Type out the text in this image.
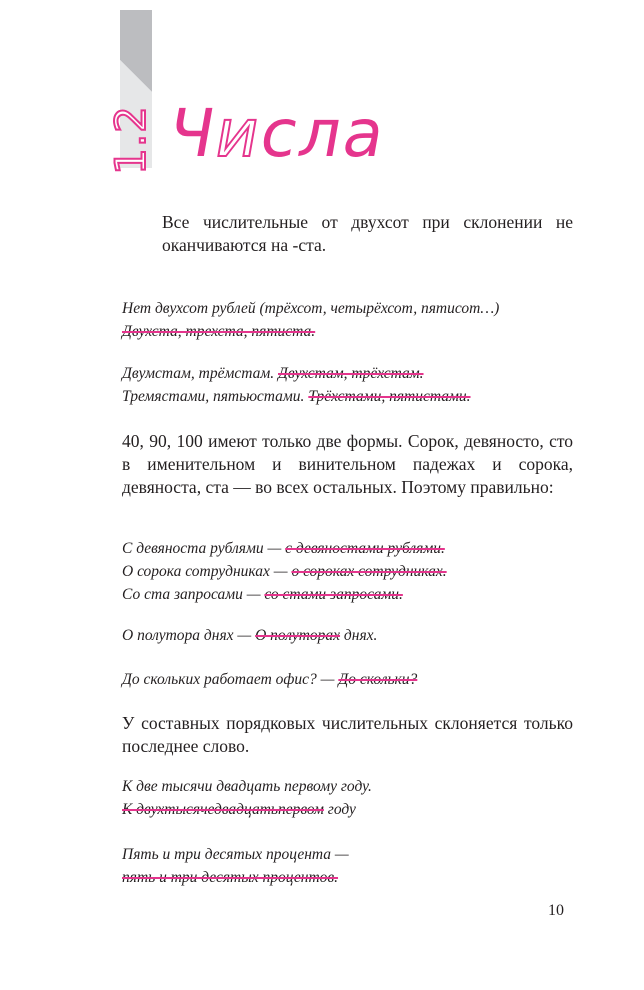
1.2 Числа

Все числительные от двухсот при склонении не оканчиваются на -ста.

Нет двухсот рублей (трёхсот, четырёхсот, пятисот…)
Двухста, трехста, пятиста.

Двумстам, трёмстам. Двухстам, трёхстам.
Тремястами, пятьюстами. Трёхстами, пятистами.

40, 90, 100 имеют только две формы. Сорок, девяносто, сто в именительном и винительном падежах и сорока, девяноста, ста — во всех остальных. Поэтому правильно:

С девяноста рублями — с девяностами рублями.
О сорока сотрудниках — о сороках сотрудниках.
Со ста запросами — со стами запросами.

О полутора днях — О полуторах днях.

До скольких работает офис? — До скольки?

У составных порядковых числительных склоняется только последнее слово.

К две тысячи двадцать первому году.
К двухтысячедвадцатьпервом году

Пять и три десятых процента —
пять и три десятых процентов.

10
